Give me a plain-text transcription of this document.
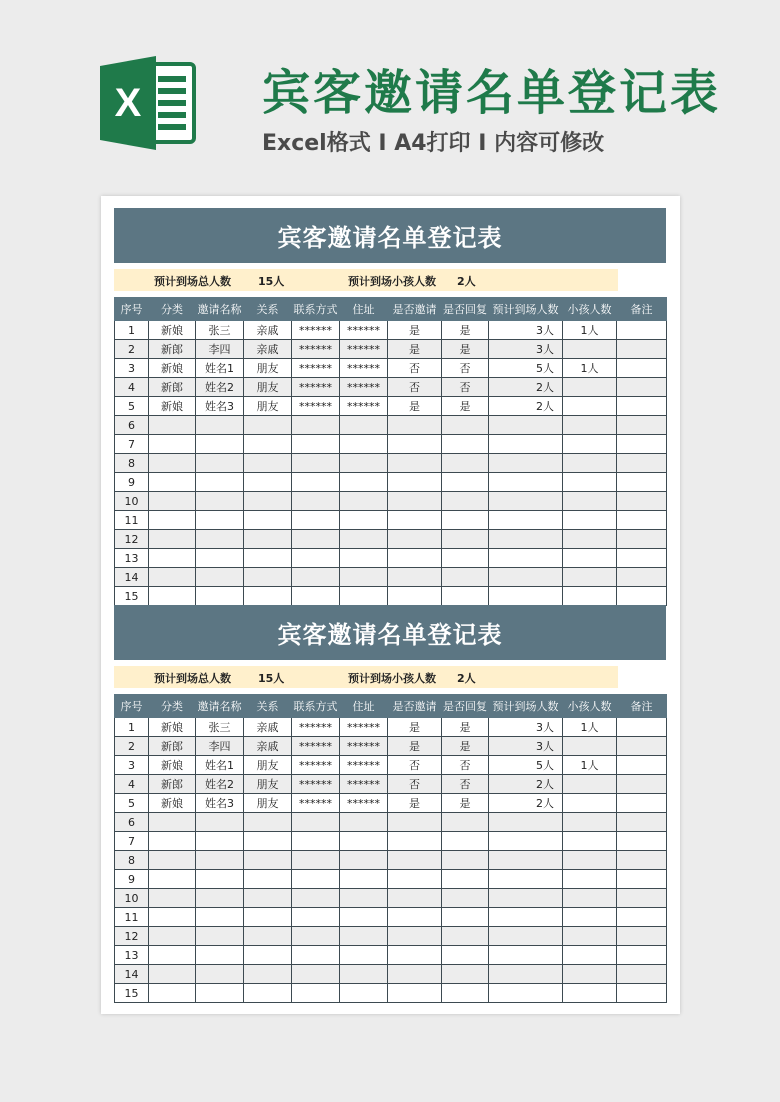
X	宾客邀请名单登记表
Excel格式 I A4打印 I 内容可修改
宾客邀请名单登记表
预计到场总人数 15人	预计到场小孩人数 2人
序号	分类	邀请名称	关系	联系方式	住址	是否邀请	是否回复	预计到场人数	小孩人数	备注
1	新娘	张三	亲戚	******	******	是	是	3人	1人	
2	新郎	李四	亲戚	******	******	是	是	3人		
3	新娘	姓名1	朋友	******	******	否	否	5人	1人	
4	新郎	姓名2	朋友	******	******	否	否	2人		
5	新娘	姓名3	朋友	******	******	是	是	2人		
6										
7										
8										
9										
10										
11										
12										
13										
14										
15										
宾客邀请名单登记表
预计到场总人数 15人	预计到场小孩人数 2人
序号	分类	邀请名称	关系	联系方式	住址	是否邀请	是否回复	预计到场人数	小孩人数	备注
1	新娘	张三	亲戚	******	******	是	是	3人	1人	
2	新郎	李四	亲戚	******	******	是	是	3人		
3	新娘	姓名1	朋友	******	******	否	否	5人	1人	
4	新郎	姓名2	朋友	******	******	否	否	2人		
5	新娘	姓名3	朋友	******	******	是	是	2人		
6										
7										
8										
9										
10										
11										
12										
13										
14										
15										
